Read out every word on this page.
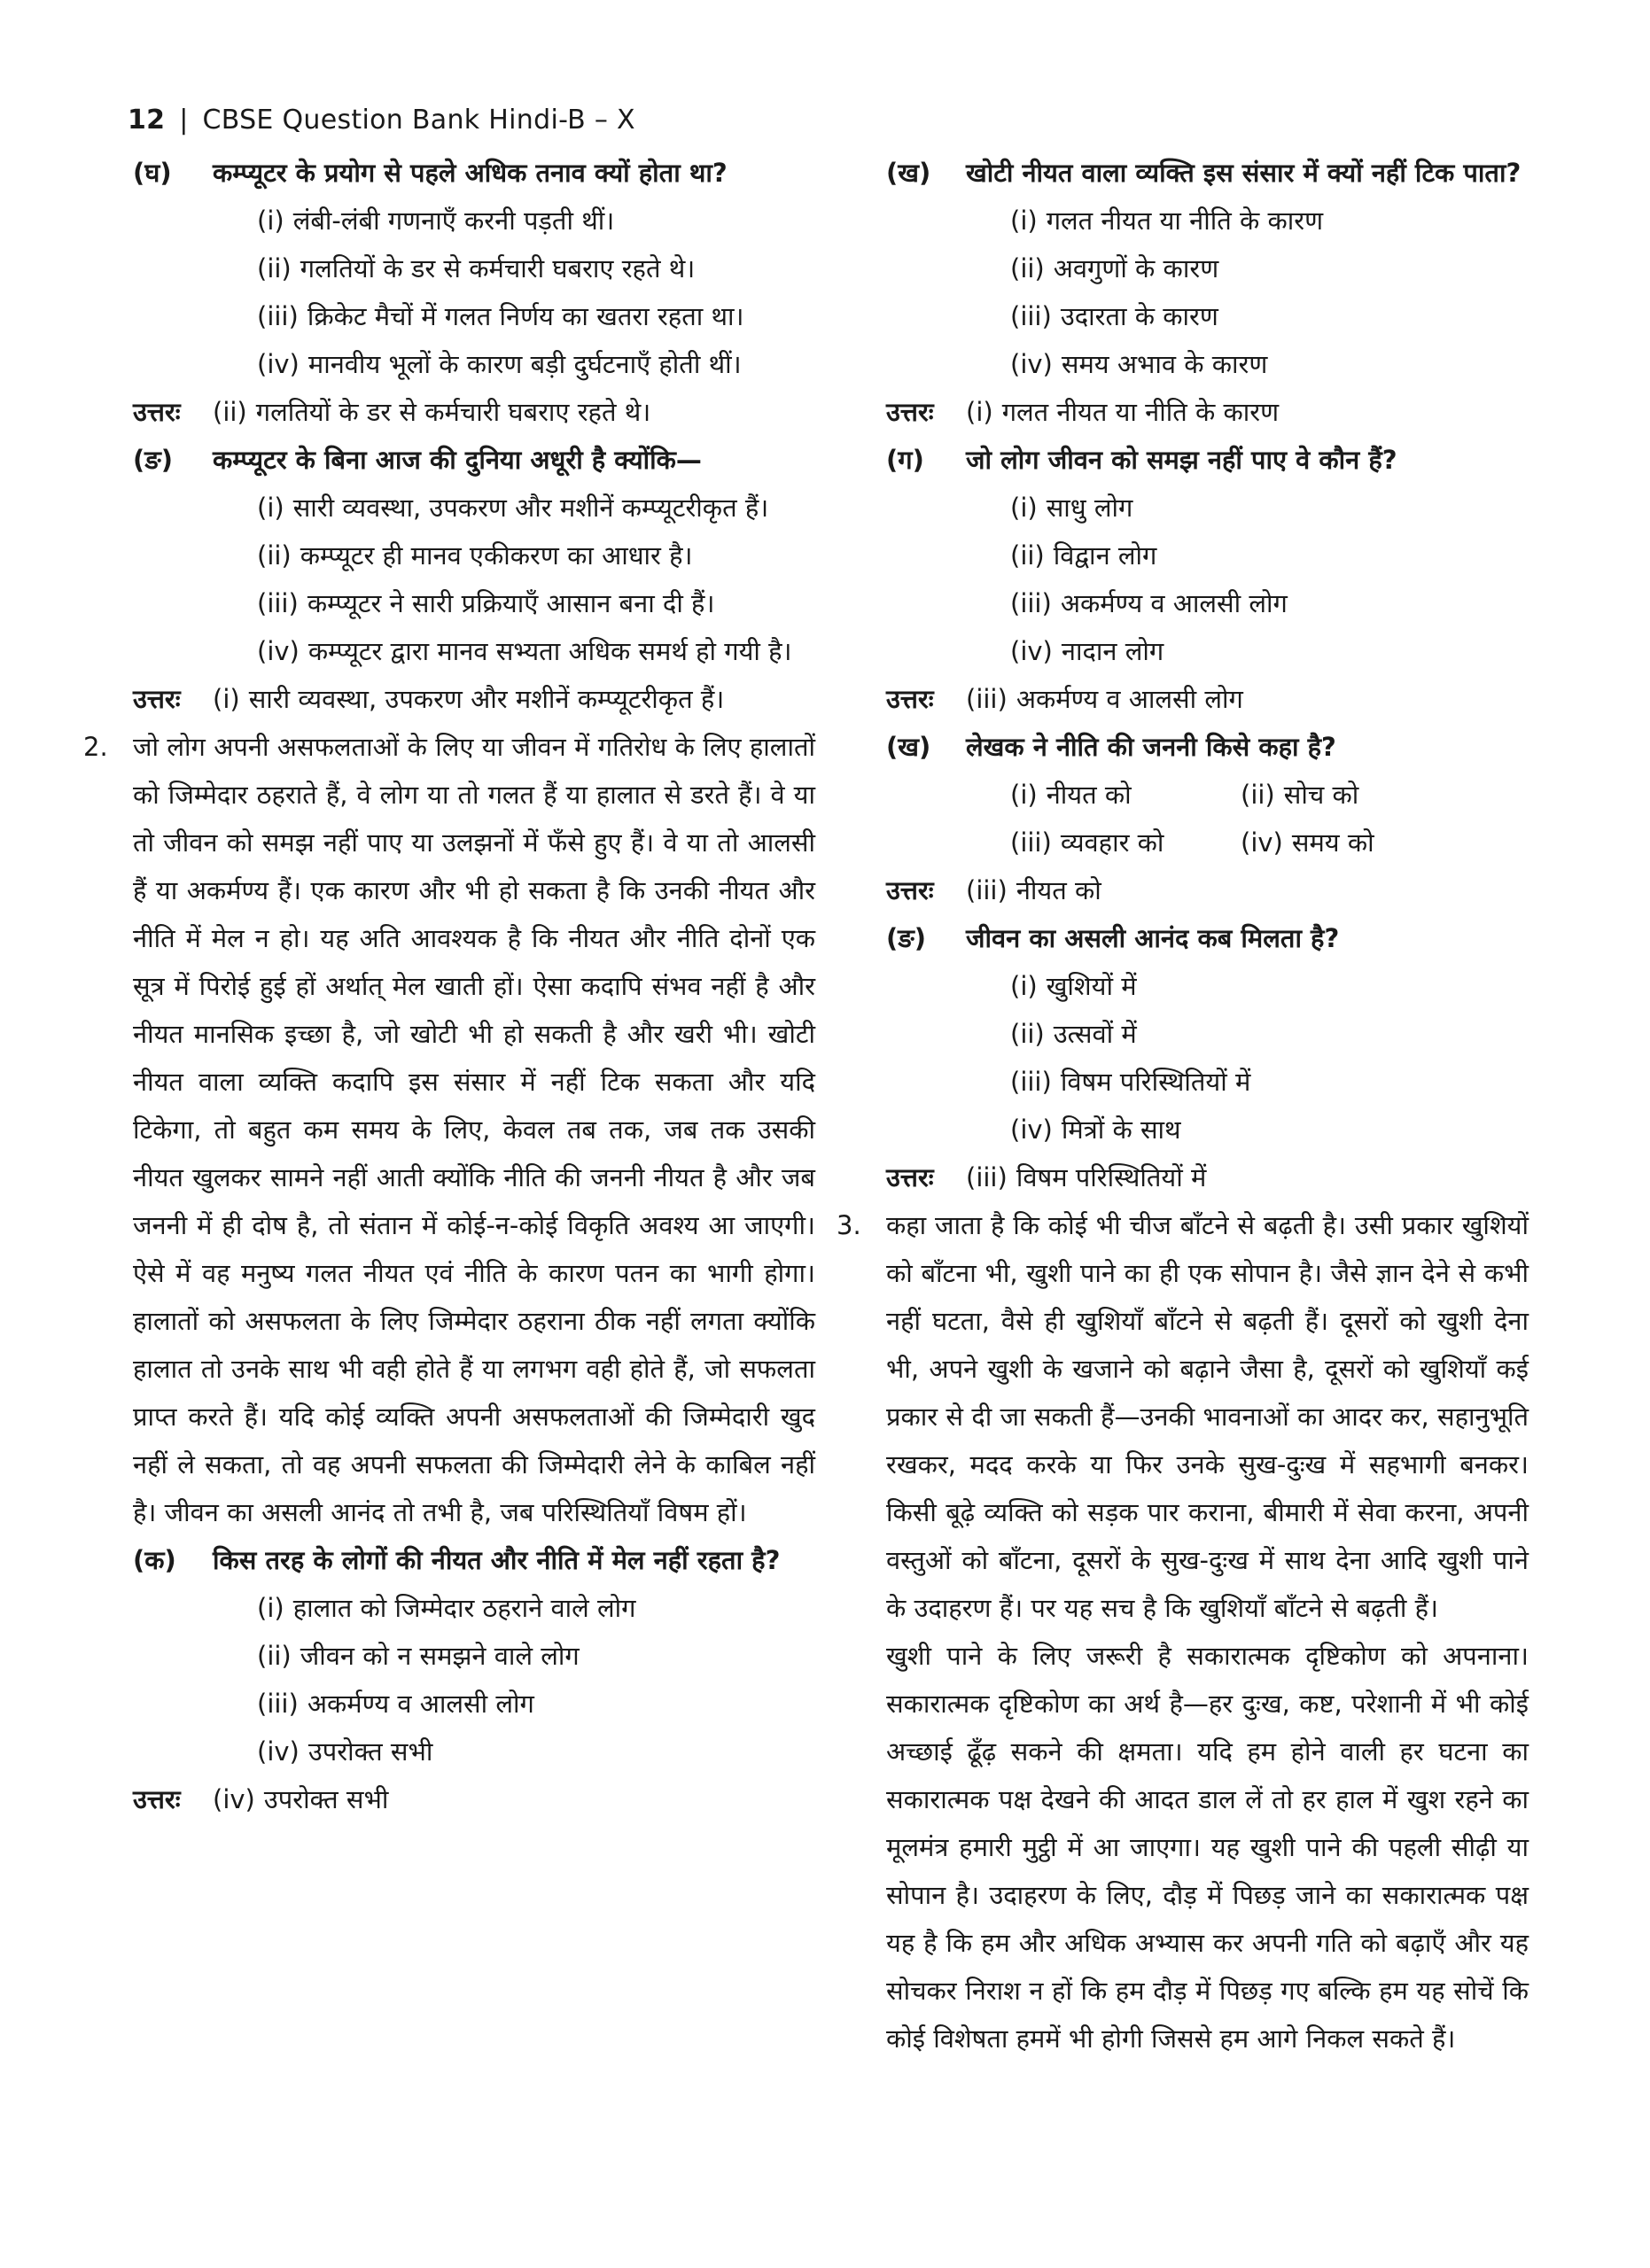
12 | CBSE Question Bank Hindi-B – X
(घ)	कम्प्यूटर के प्रयोग से पहले अधिक तनाव क्यों होता था?
(i) लंबी-लंबी गणनाएँ करनी पड़ती थीं।
(ii) गलतियों के डर से कर्मचारी घबराए रहते थे।
(iii) क्रिकेट मैचों में गलत निर्णय का खतरा रहता था।
(iv) मानवीय भूलों के कारण बड़ी दुर्घटनाएँ होती थीं।
उत्तरः	(ii) गलतियों के डर से कर्मचारी घबराए रहते थे।
(ङ)	कम्प्यूटर के बिना आज की दुनिया अधूरी है क्योंकि—
(i) सारी व्यवस्था, उपकरण और मशीनें कम्प्यूटरीकृत हैं।
(ii) कम्प्यूटर ही मानव एकीकरण का आधार है।
(iii) कम्प्यूटर ने सारी प्रक्रियाएँ आसान बना दी हैं।
(iv) कम्प्यूटर द्वारा मानव सभ्यता अधिक समर्थ हो गयी है।
उत्तरः	(i) सारी व्यवस्था, उपकरण और मशीनें कम्प्यूटरीकृत हैं।
2. जो लोग अपनी असफलताओं के लिए या जीवन में गतिरोध के लिए हालातों को जिम्मेदार ठहराते हैं, वे लोग या तो गलत हैं या हालात से डरते हैं। वे या तो जीवन को समझ नहीं पाए या उलझनों में फँसे हुए हैं। वे या तो आलसी हैं या अकर्मण्य हैं। एक कारण और भी हो सकता है कि उनकी नीयत और नीति में मेल न हो। यह अति आवश्यक है कि नीयत और नीति दोनों एक सूत्र में पिरोई हुई हों अर्थात् मेल खाती हों। ऐसा कदापि संभव नहीं है और नीयत मानसिक इच्छा है, जो खोटी भी हो सकती है और खरी भी। खोटी नीयत वाला व्यक्ति कदापि इस संसार में नहीं टिक सकता और यदि टिकेगा, तो बहुत कम समय के लिए, केवल तब तक, जब तक उसकी नीयत खुलकर सामने नहीं आती क्योंकि नीति की जननी नीयत है और जब जननी में ही दोष है, तो संतान में कोई-न-कोई विकृति अवश्य आ जाएगी। ऐसे में वह मनुष्य गलत नीयत एवं नीति के कारण पतन का भागी होगा। हालातों को असफलता के लिए जिम्मेदार ठहराना ठीक नहीं लगता क्योंकि हालात तो उनके साथ भी वही होते हैं या लगभग वही होते हैं, जो सफलता प्राप्त करते हैं। यदि कोई व्यक्ति अपनी असफलताओं की जिम्मेदारी खुद नहीं ले सकता, तो वह अपनी सफलता की जिम्मेदारी लेने के काबिल नहीं है। जीवन का असली आनंद तो तभी है, जब परिस्थितियाँ विषम हों।
(क)	किस तरह के लोगों की नीयत और नीति में मेल नहीं रहता है?
(i) हालात को जिम्मेदार ठहराने वाले लोग
(ii) जीवन को न समझने वाले लोग
(iii) अकर्मण्य व आलसी लोग
(iv) उपरोक्त सभी
उत्तरः	(iv) उपरोक्त सभी
(ख)	खोटी नीयत वाला व्यक्ति इस संसार में क्यों नहीं टिक पाता?
(i) गलत नीयत या नीति के कारण
(ii) अवगुणों के कारण
(iii) उदारता के कारण
(iv) समय अभाव के कारण
उत्तरः	(i) गलत नीयत या नीति के कारण
(ग)	जो लोग जीवन को समझ नहीं पाए वे कौन हैं?
(i) साधु लोग
(ii) विद्वान लोग
(iii) अकर्मण्य व आलसी लोग
(iv) नादान लोग
उत्तरः	(iii) अकर्मण्य व आलसी लोग
(ख)	लेखक ने नीति की जननी किसे कहा है?
(i) नीयत को	(ii) सोच को
(iii) व्यवहार को	(iv) समय को
उत्तरः	(iii) नीयत को
(ङ)	जीवन का असली आनंद कब मिलता है?
(i) खुशियों में
(ii) उत्सवों में
(iii) विषम परिस्थितियों में
(iv) मित्रों के साथ
उत्तरः	(iii) विषम परिस्थितियों में
3. कहा जाता है कि कोई भी चीज बाँटने से बढ़ती है। उसी प्रकार खुशियों को बाँटना भी, खुशी पाने का ही एक सोपान है। जैसे ज्ञान देने से कभी नहीं घटता, वैसे ही खुशियाँ बाँटने से बढ़ती हैं। दूसरों को खुशी देना भी, अपने खुशी के खजाने को बढ़ाने जैसा है, दूसरों को खुशियाँ कई प्रकार से दी जा सकती हैं—उनकी भावनाओं का आदर कर, सहानुभूति रखकर, मदद करके या फिर उनके सुख-दुःख में सहभागी बनकर। किसी बूढ़े व्यक्ति को सड़क पार कराना, बीमारी में सेवा करना, अपनी वस्तुओं को बाँटना, दूसरों के सुख-दुःख में साथ देना आदि खुशी पाने के उदाहरण हैं। पर यह सच है कि खुशियाँ बाँटने से बढ़ती हैं।
खुशी पाने के लिए जरूरी है सकारात्मक दृष्टिकोण को अपनाना। सकारात्मक दृष्टिकोण का अर्थ है—हर दुःख, कष्ट, परेशानी में भी कोई अच्छाई ढूँढ़ सकने की क्षमता। यदि हम होने वाली हर घटना का सकारात्मक पक्ष देखने की आदत डाल लें तो हर हाल में खुश रहने का मूलमंत्र हमारी मुट्ठी में आ जाएगा। यह खुशी पाने की पहली सीढ़ी या सोपान है। उदाहरण के लिए, दौड़ में पिछड़ जाने का सकारात्मक पक्ष यह है कि हम और अधिक अभ्यास कर अपनी गति को बढ़ाएँ और यह सोचकर निराश न हों कि हम दौड़ में पिछड़ गए बल्कि हम यह सोचें कि कोई विशेषता हममें भी होगी जिससे हम आगे निकल सकते हैं।
